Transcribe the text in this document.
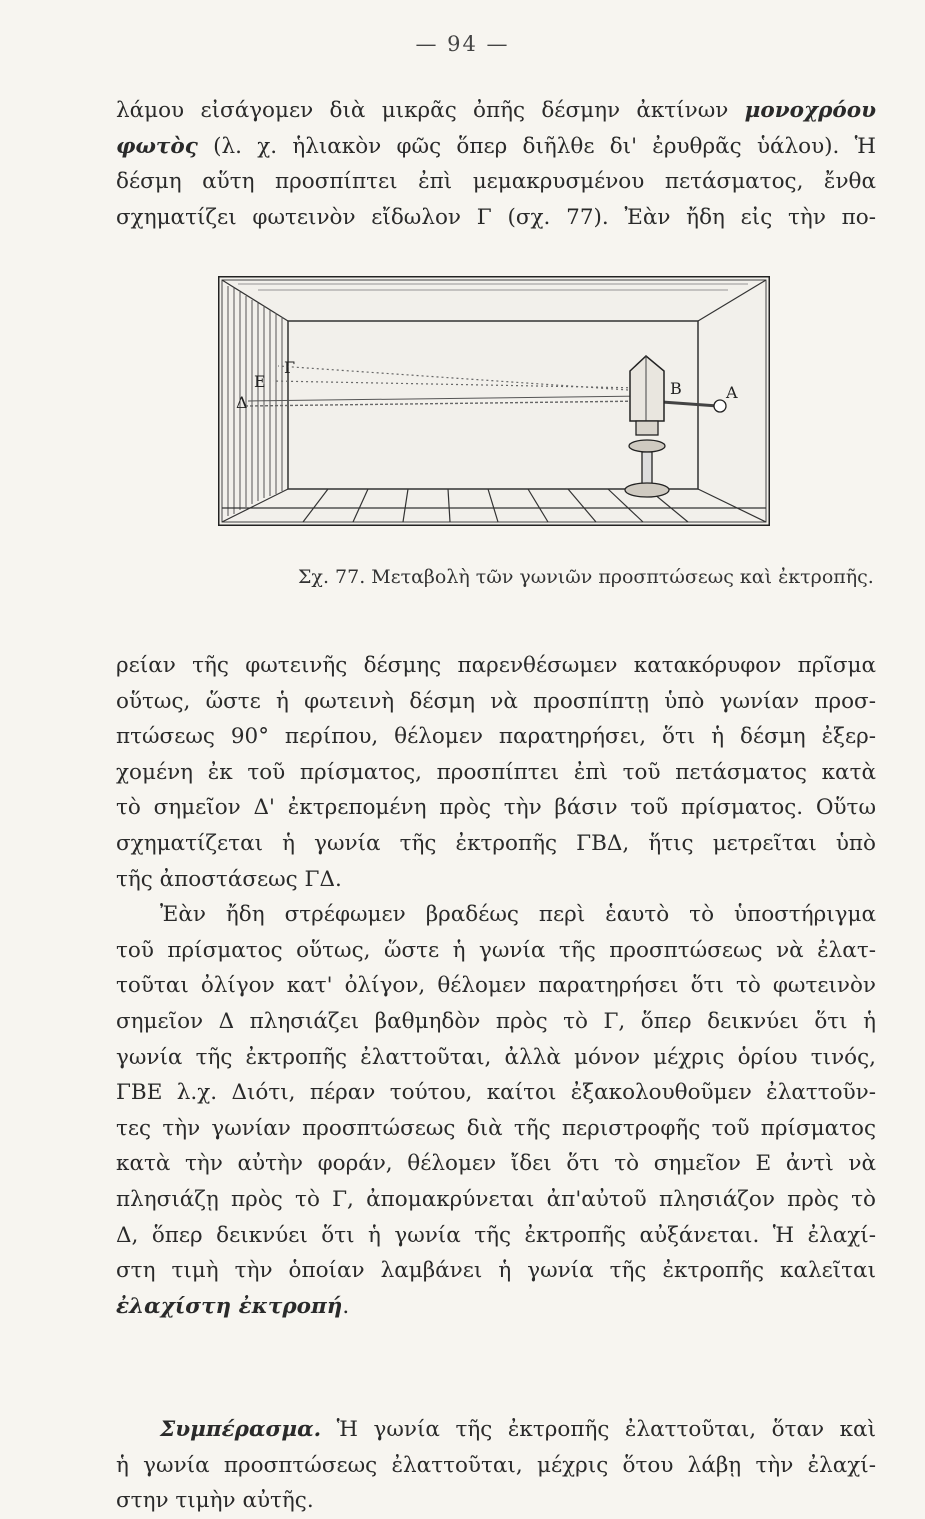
— 94 —
λάμου εἰσάγομεν διὰ μικρᾶς ὀπῆς δέσμην ἀκτίνων μονοχρόου
φωτὸς (λ. χ. ἡλιακὸν φῶς ὅπερ διῆλθε δι' ἐρυθρᾶς ὑάλου). Ἡ
δέσμη αὕτη προσπίπτει ἐπὶ μεμακρυσμένου πετάσματος, ἔνθα
σχηματίζει φωτεινὸν εἴδωλον Γ (σχ. 77). Ἐὰν ἤδη εἰς τὴν πο-
Γ
Ε
Δ
Β	Α
Σχ. 77. Μεταβολὴ τῶν γωνιῶν προσπτώσεως καὶ ἐκτροπῆς.
ρείαν τῆς φωτεινῆς δέσμης παρενθέσωμεν κατακόρυφον πρῖσμα
οὕτως, ὥστε ἡ φωτεινὴ δέσμη νὰ προσπίπτῃ ὑπὸ γωνίαν προσ-
πτώσεως 90° περίπου, θέλομεν παρατηρήσει, ὅτι ἡ δέσμη ἐξερ-
χομένη ἐκ τοῦ πρίσματος, προσπίπτει ἐπὶ τοῦ πετάσματος κατὰ
τὸ σημεῖον Δ' ἐκτρεπομένη πρὸς τὴν βάσιν τοῦ πρίσματος. Οὕτω
σχηματίζεται ἡ γωνία τῆς ἐκτροπῆς ΓΒΔ, ἥτις μετρεῖται ὑπὸ
τῆς ἀποστάσεως ΓΔ.
Ἐὰν ἤδη στρέφωμεν βραδέως περὶ ἑαυτὸ τὸ ὑποστήριγμα
τοῦ πρίσματος οὕτως, ὥστε ἡ γωνία τῆς προσπτώσεως νὰ ἐλατ-
τοῦται ὀλίγον κατ' ὀλίγον, θέλομεν παρατηρήσει ὅτι τὸ φωτεινὸν
σημεῖον Δ πλησιάζει βαθμηδὸν πρὸς τὸ Γ, ὅπερ δεικνύει ὅτι ἡ
γωνία τῆς ἐκτροπῆς ἐλαττοῦται, ἀλλὰ μόνον μέχρις ὁρίου τινός,
ΓΒΕ λ.χ. Διότι, πέραν τούτου, καίτοι ἐξακολουθοῦμεν ἐλαττοῦν-
τες τὴν γωνίαν προσπτώσεως διὰ τῆς περιστροφῆς τοῦ πρίσματος
κατὰ τὴν αὐτὴν φοράν, θέλομεν ἴδει ὅτι τὸ σημεῖον Ε ἀντὶ νὰ
πλησιάζῃ πρὸς τὸ Γ, ἀπομακρύνεται ἀπ'αὐτοῦ πλησιάζον πρὸς τὸ
Δ, ὅπερ δεικνύει ὅτι ἡ γωνία τῆς ἐκτροπῆς αὐξάνεται. Ἡ ἐλαχί-
στη τιμὴ τὴν ὁποίαν λαμβάνει ἡ γωνία τῆς ἐκτροπῆς καλεῖται
ἐλαχίστη ἐκτροπή.
Συμπέρασμα. Ἡ γωνία τῆς ἐκτροπῆς ἐλαττοῦται, ὅταν καὶ
ἡ γωνία προσπτώσεως ἐλαττοῦται, μέχρις ὅτου λάβῃ τὴν ἐλαχί-
στην τιμὴν αὐτῆς.
